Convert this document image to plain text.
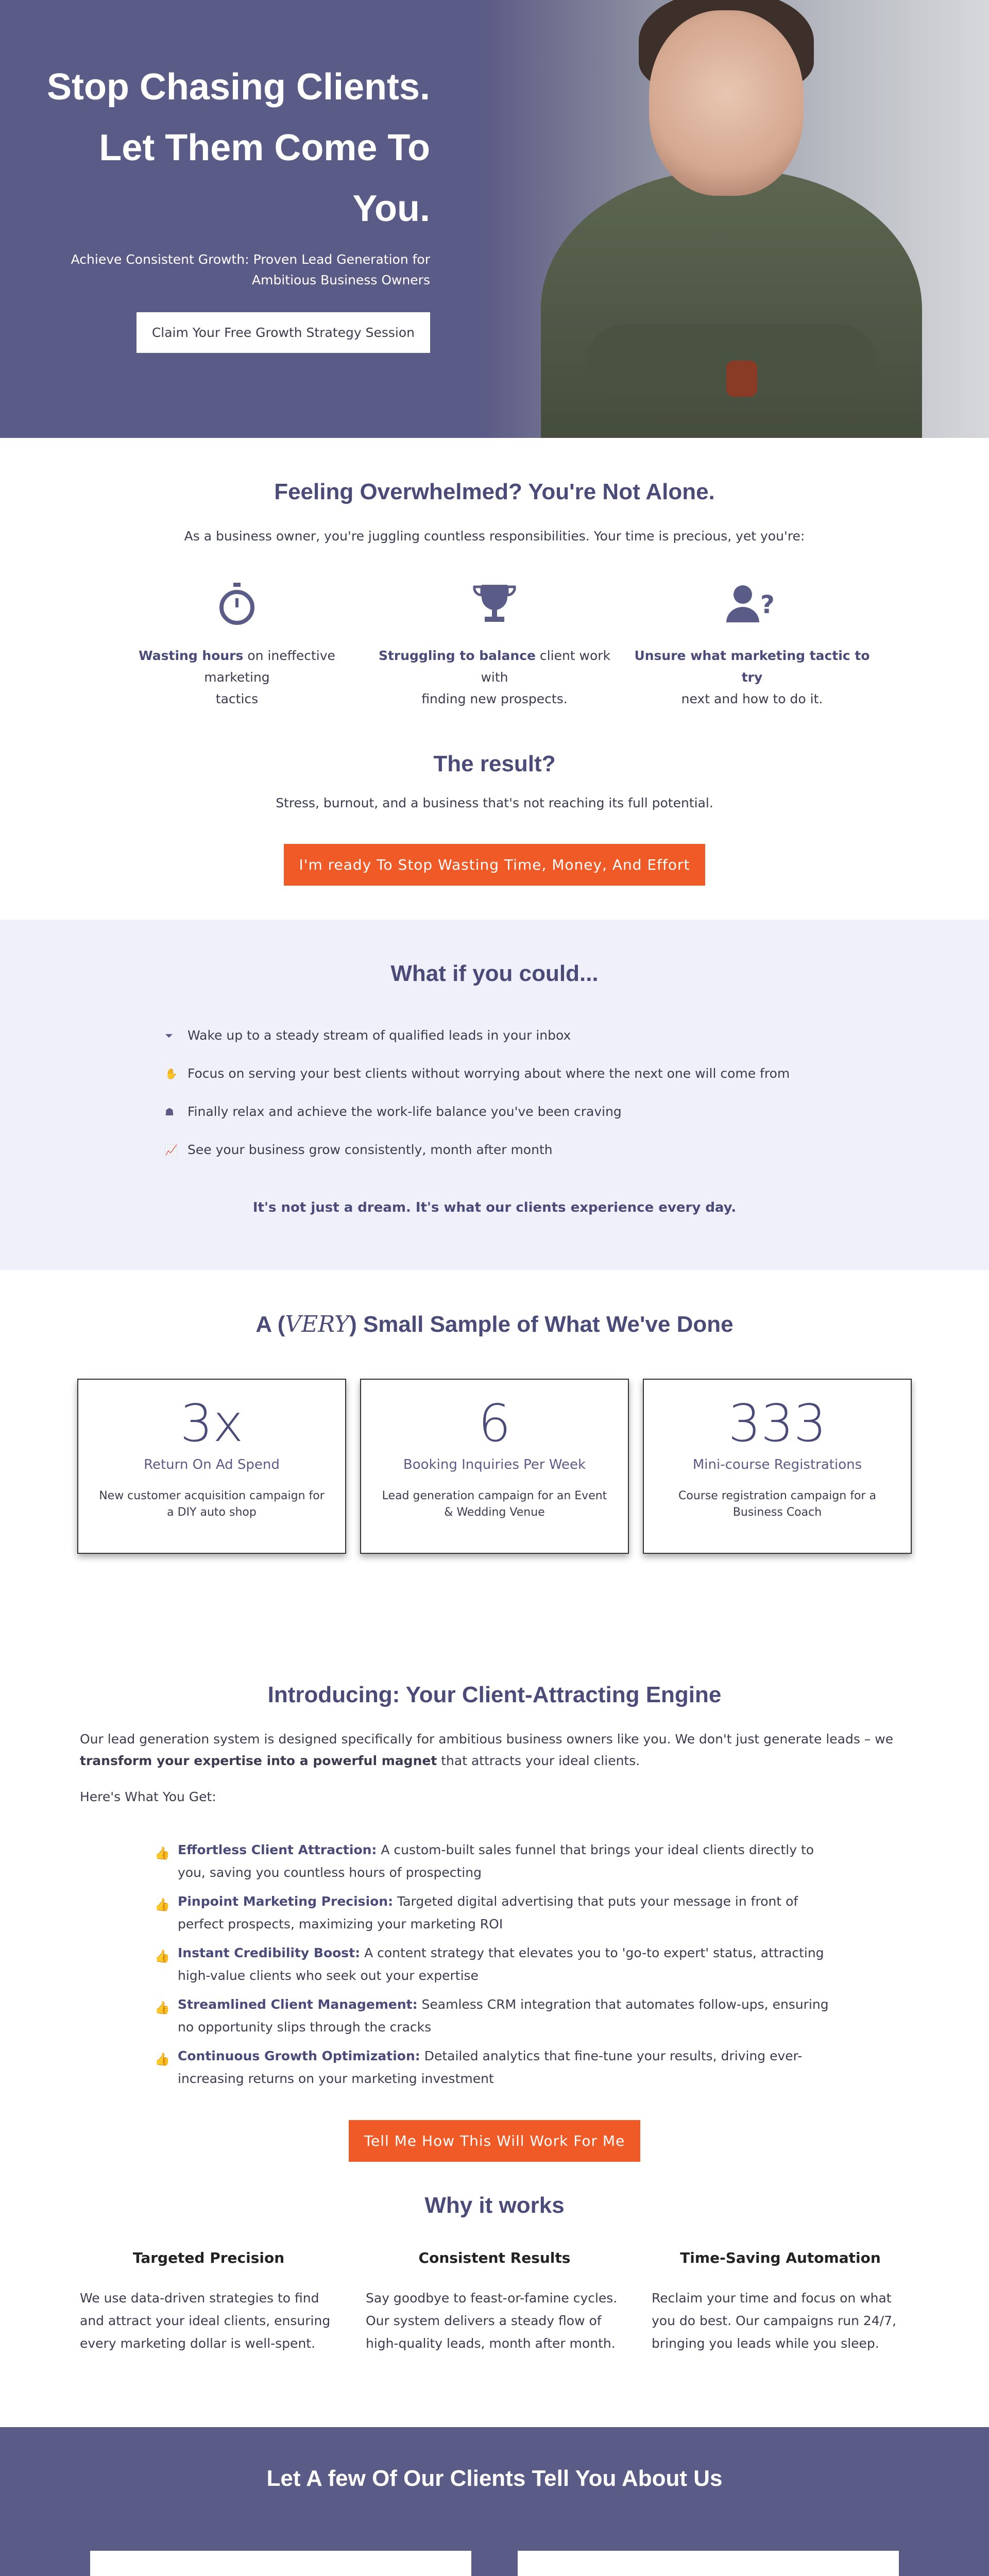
Stop Chasing Clients.
Let Them Come To
You.

Achieve Consistent Growth: Proven Lead Generation for
Ambitious Business Owners

Claim Your Free Growth Strategy Session
Feeling Overwhelmed? You're Not Alone.

As a business owner, you're juggling countless responsibilities. Your time is precious, yet you're:

Wasting hours on ineffective marketing
tactics

Struggling to balance client work with
finding new prospects.

?

Unsure what marketing tactic to try
next and how to do it.

The result?

Stress, burnout, and a business that's not reaching its full potential.

I'm ready To Stop Wasting Time, Money, And Effort
What if you could...
⏷	Wake up to a steady stream of qualified leads in your inbox
✋ Focus on serving your best clients without worrying about where the next one will come from
☗	Finally relax and achieve the work-life balance you've been craving
📈 See your business grow consistently, month after month

It's not just a dream. It's what our clients experience every day.

A (VERY) Small Sample of What We've Done
3x
Return On Ad Spend
New customer acquisition campaign for a DIY auto shop
6
Booking Inquiries Per Week
Lead generation campaign for an Event & Wedding Venue
333
Mini-course Registrations
Course registration campaign for a Business Coach
Introducing: Your Client-Attracting Engine

Our lead generation system is designed specifically for ambitious business owners like you. We don't just generate leads – we transform your expertise into a powerful magnet that attracts your ideal clients.

Here's What You Get:

👍 Effortless Client Attraction: A custom-built sales funnel that brings your ideal clients directly to you, saving you countless hours of prospecting
👍 Pinpoint Marketing Precision: Targeted digital advertising that puts your message in front of perfect prospects, maximizing your marketing ROI
👍 Instant Credibility Boost: A content strategy that elevates you to 'go-to expert' status, attracting high-value clients who seek out your expertise
👍 Streamlined Client Management: Seamless CRM integration that automates follow-ups, ensuring no opportunity slips through the cracks
👍 Continuous Growth Optimization: Detailed analytics that fine-tune your results, driving ever-increasing returns on your marketing investment
Tell Me How This Will Work For Me
Why it works
Targeted Precision

We use data-driven strategies to find and attract your ideal clients, ensuring every marketing dollar is well-spent.

Consistent Results

Say goodbye to feast-or-famine cycles. Our system delivers a steady flow of high-quality leads, month after month.

Time-Saving Automation

Reclaim your time and focus on what you do best. Our campaigns run 24/7, bringing you leads while you sleep.

Let A few Of Our Clients Tell You About Us
